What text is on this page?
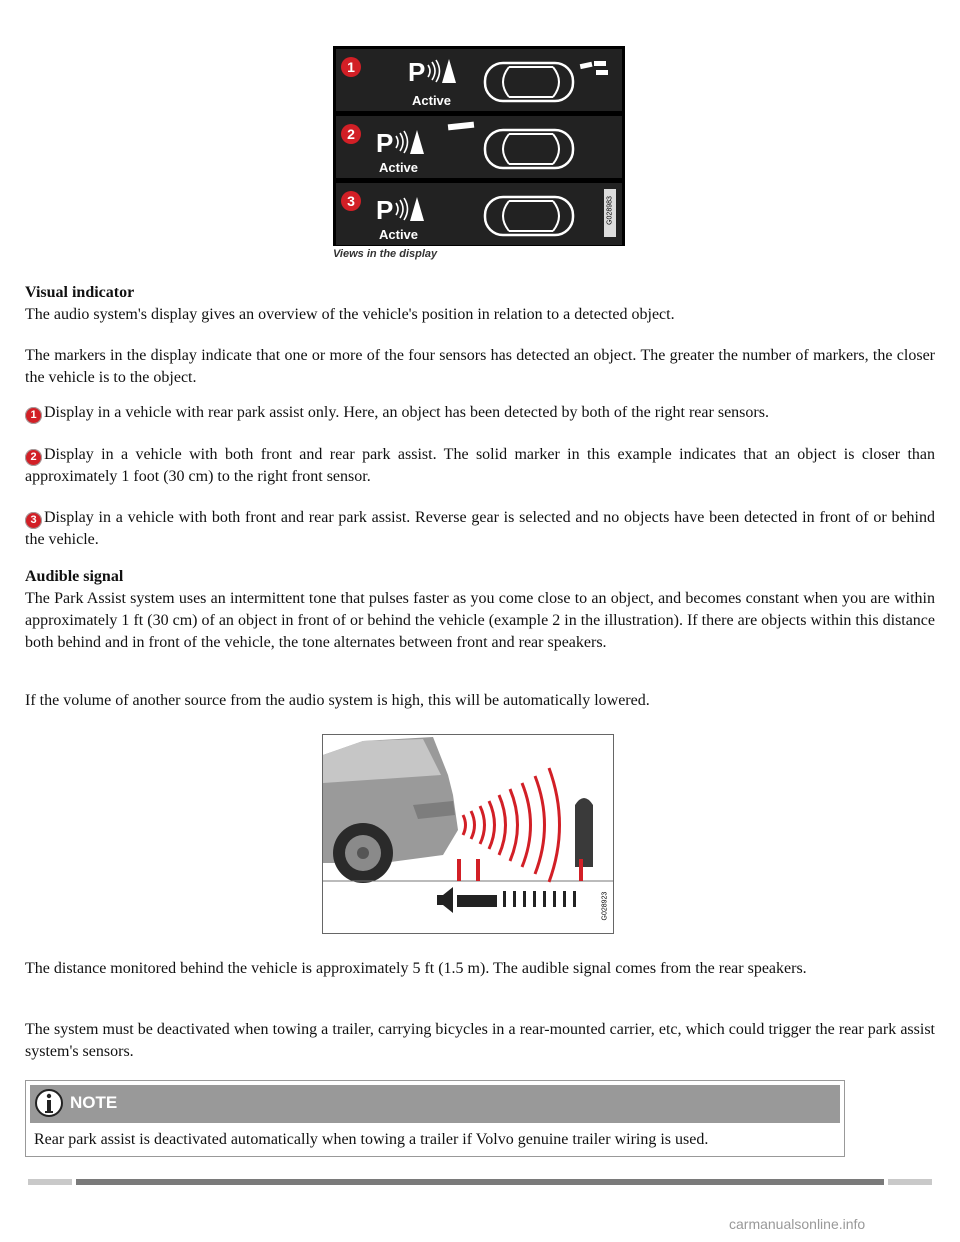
1 P
Active
2 P
Active
3 P
Active
G028983
Views in the display
Visual indicator
The audio system's display gives an overview of the vehicle's position in relation to a detected object.
The markers in the display indicate that one or more of the four sensors has detected an object. The greater the number of markers, the closer the vehicle is to the object.
1 Display in a vehicle with rear park assist only. Here, an object has been detected by both of the right rear sensors.
2 Display in a vehicle with both front and rear park assist. The solid marker in this example indicates that an object is closer than approximately 1 foot (30 cm) to the right front sensor.
3 Display in a vehicle with both front and rear park assist. Reverse gear is selected and no objects have been detected in front of or behind the vehicle.
Audible signal
The Park Assist system uses an intermittent tone that pulses faster as you come close to an object, and becomes constant when you are within approximately 1 ft (30 cm) of an object in front of or behind the vehicle (example 2 in the illustration). If there are objects within this distance both behind and in front of the vehicle, the tone alternates between front and rear speakers.
If the volume of another source from the audio system is high, this will be automatically lowered.
G028923
The distance monitored behind the vehicle is approximately 5 ft (1.5 m). The audible signal comes from the rear speakers.
The system must be deactivated when towing a trailer, carrying bicycles in a rear-mounted carrier, etc, which could trigger the rear park assist system's sensors.
NOTE
Rear park assist is deactivated automatically when towing a trailer if Volvo genuine trailer wiring is used.
carmanualsonline.info
